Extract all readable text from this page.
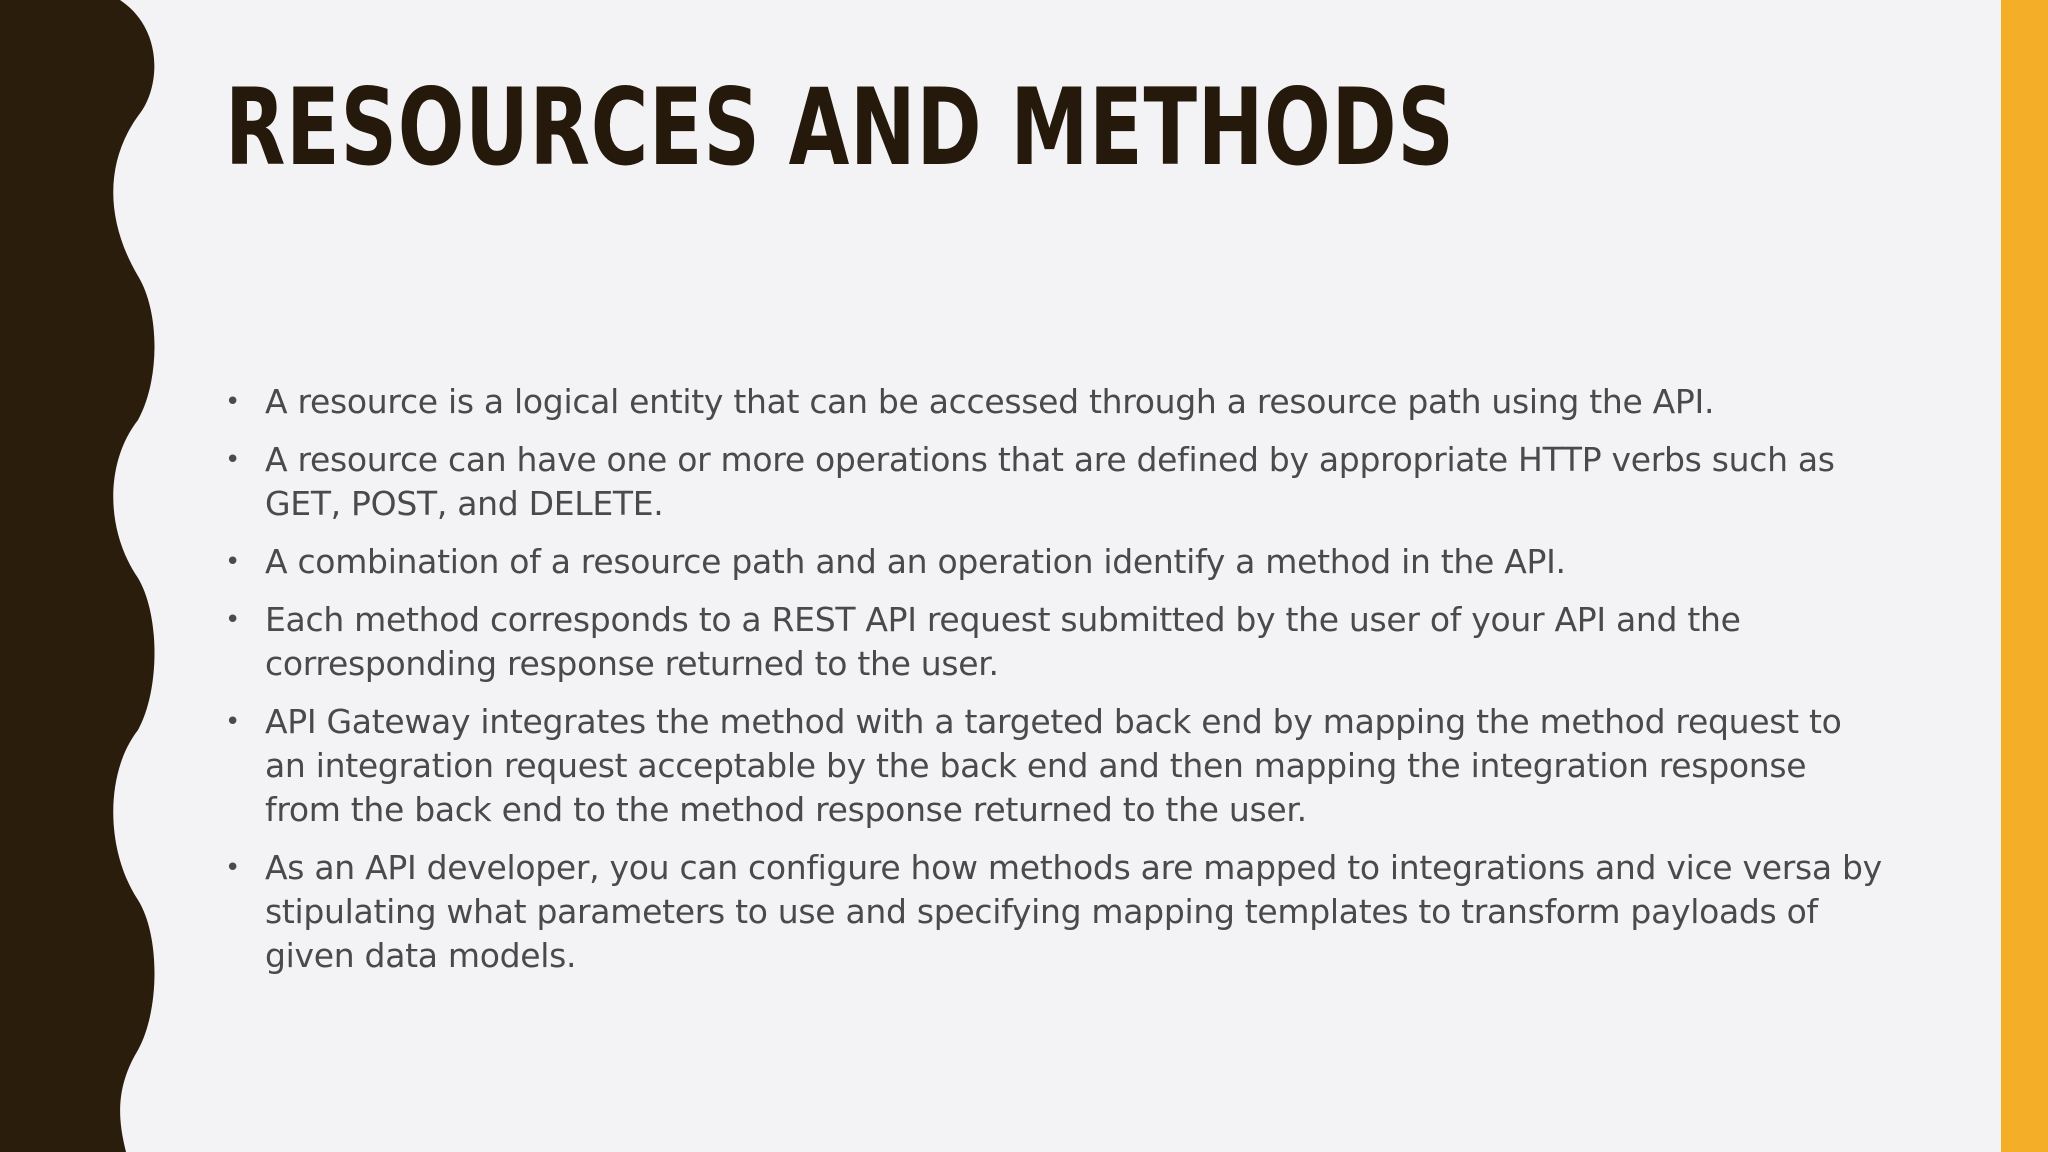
RESOURCES AND METHODS
• A resource is a logical entity that can be accessed through a resource path using the API.
• A resource can have one or more operations that are defined by appropriate HTTP verbs such as GET, POST, and DELETE.
• A combination of a resource path and an operation identify a method in the API.
• Each method corresponds to a REST API request submitted by the user of your API and the corresponding response returned to the user.
• API Gateway integrates the method with a targeted back end by mapping the method request to an integration request acceptable by the back end and then mapping the integration response from the back end to the method response returned to the user.
• As an API developer, you can configure how methods are mapped to integrations and vice versa by stipulating what parameters to use and specifying mapping templates to transform payloads of given data models.
